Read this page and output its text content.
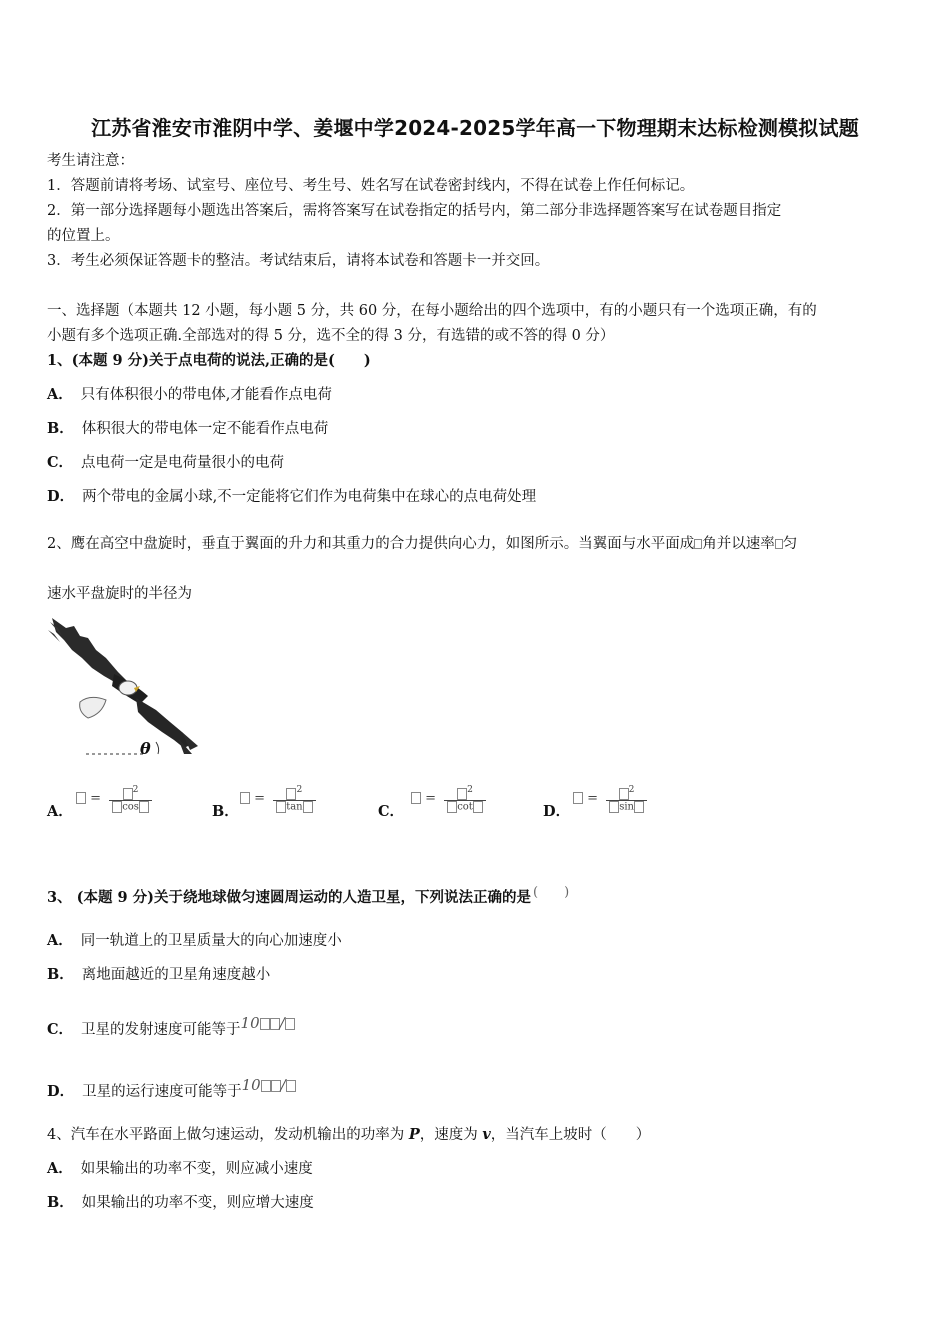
江苏省淮安市淮阴中学、姜堰中学2024-2025学年高一下物理期末达标检测模拟试题
考生请注意：
1．答题前请将考场、试室号、座位号、考生号、姓名写在试卷密封线内，不得在试卷上作任何标记。
2．第一部分选择题每小题选出答案后，需将答案写在试卷指定的括号内，第二部分非选择题答案写在试卷题目指定
的位置上。
3．考生必须保证答题卡的整洁。考试结束后，请将本试卷和答题卡一并交回。
一、选择题（本题共 12 小题，每小题 5 分，共 60 分，在每小题给出的四个选项中，有的小题只有一个选项正确，有的
小题有多个选项正确.全部选对的得 5 分，选不全的得 3 分，有选错的或不答的得 0 分）
1、(本题 9 分)关于点电荷的说法,正确的是(　　)
A． 只有体积很小的带电体,才能看作点电荷
B． 体积很大的带电体一定不能看作点电荷
C． 点电荷一定是电荷量很小的电荷
D． 两个带电的金属小球,不一定能将它们作为电荷集中在球心的点电荷处理
2、鹰在高空中盘旋时，垂直于翼面的升力和其重力的合力提供向心力，如图所示。当翼面与水平面成 角并以速率 匀
速水平盘旋时的半径为
θ
A．
= $\frac{^2}{\cos}$	B．
= $\frac{^2}{\tan}$	C．
= $\frac{^2}{\cot}$	D．
= $\frac{^2}{\sin}$
3、 (本题 9 分)关于绕地球做匀速圆周运动的人造卫星，下列说法正确的是 (　　)
A． 同一轨道上的卫星质量大的向心加速度小
B． 离地面越近的卫星角速度越小
C． 卫星的发射速度可能等于10 /
D． 卫星的运行速度可能等于10 /
4、汽车在水平路面上做匀速运动，发动机输出的功率为 P，速度为 v，当汽车上坡时（　　）
A． 如果输出的功率不变，则应减小速度
B． 如果输出的功率不变，则应增大速度
